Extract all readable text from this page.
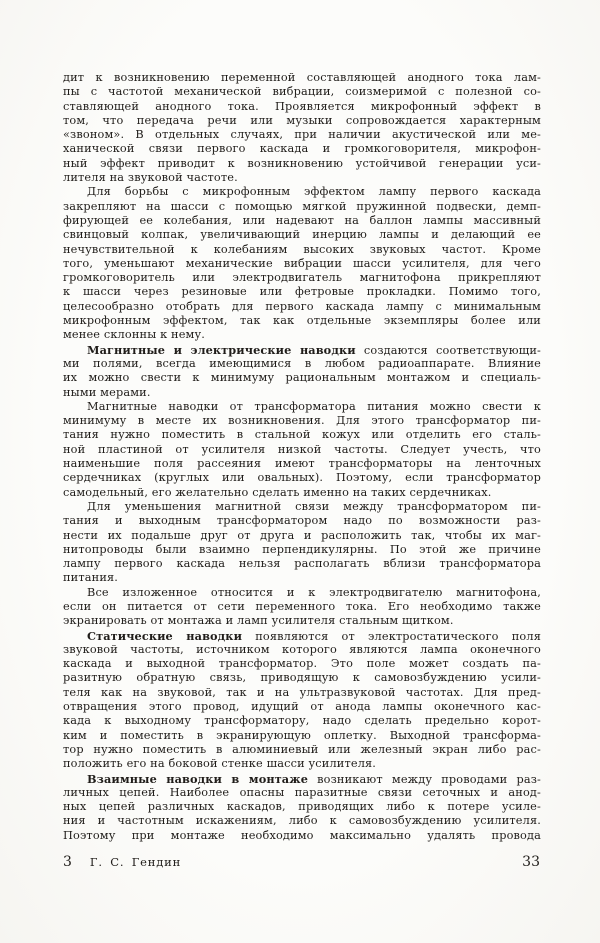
дит к возникновению переменной составляющей анодного тока лам-
пы с частотой механической вибрации, соизмеримой с полезной со-
ставляющей анодного тока. Проявляется микрофонный эффект в
том, что передача речи или музыки сопровождается характерным
«звоном». В отдельных случаях, при наличии акустической или ме-
ханической связи первого каскада и громкоговорителя, микрофон-
ный эффект приводит к возникновению устойчивой генерации уси-
лителя на звуковой частоте.
Для борьбы с микрофонным эффектом лампу первого каскада
закрепляют на шасси с помощью мягкой пружинной подвески, демп-
фирующей ее колебания, или надевают на баллон лампы массивный
свинцовый колпак, увеличивающий инерцию лампы и делающий ее
нечувствительной к колебаниям высоких звуковых частот. Кроме
того, уменьшают механические вибрации шасси усилителя, для чего
громкоговоритель или электродвигатель магнитофона прикрепляют
к шасси через резиновые или фетровые прокладки. Помимо того,
целесообразно отобрать для первого каскада лампу с минимальным
микрофонным эффектом, так как отдельные экземпляры более или
менее склонны к нему.
Магнитные и электрические наводки создаются соответствующи-
ми полями, всегда имеющимися в любом радиоаппарате. Влияние
их можно свести к минимуму рациональным монтажом и специаль-
ными мерами.
Магнитные наводки от трансформатора питания можно свести к
минимуму в месте их возникновения. Для этого трансформатор пи-
тания нужно поместить в стальной кожух или отделить его сталь-
ной пластиной от усилителя низкой частоты. Следует учесть, что
наименьшие поля рассеяния имеют трансформаторы на ленточных
сердечниках (круглых или овальных). Поэтому, если трансформатор
самодельный, его желательно сделать именно на таких сердечниках.
Для уменьшения магнитной связи между трансформатором пи-
тания и выходным трансформатором надо по возможности раз-
нести их подальше друг от друга и расположить так, чтобы их маг-
нитопроводы были взаимно перпендикулярны. По этой же причине
лампу первого каскада нельзя располагать вблизи трансформатора
питания.
Все изложенное относится и к электродвигателю магнитофона,
если он питается от сети переменного тока. Его необходимо также
экранировать от монтажа и ламп усилителя стальным щитком.
Статические наводки появляются от электростатического поля
звуковой частоты, источником которого являются лампа оконечного
каскада и выходной трансформатор. Это поле может создать па-
разитную обратную связь, приводящую к самовозбуждению усили-
теля как на звуковой, так и на ультразвуковой частотах. Для пред-
отвращения этого провод, идущий от анода лампы оконечного кас-
када к выходному трансформатору, надо сделать предельно корот-
ким и поместить в экранирующую оплетку. Выходной трансформа-
тор нужно поместить в алюминиевый или железный экран либо рас-
положить его на боковой стенке шасси усилителя.
Взаимные наводки в монтаже возникают между проводами раз-
личных цепей. Наиболее опасны паразитные связи сеточных и анод-
ных цепей различных каскадов, приводящих либо к потере усиле-
ния и частотным искажениям, либо к самовозбуждению усилителя.
Поэтому при монтаже необходимо максимально удалять провода
3 Г. С. Гендин	33
